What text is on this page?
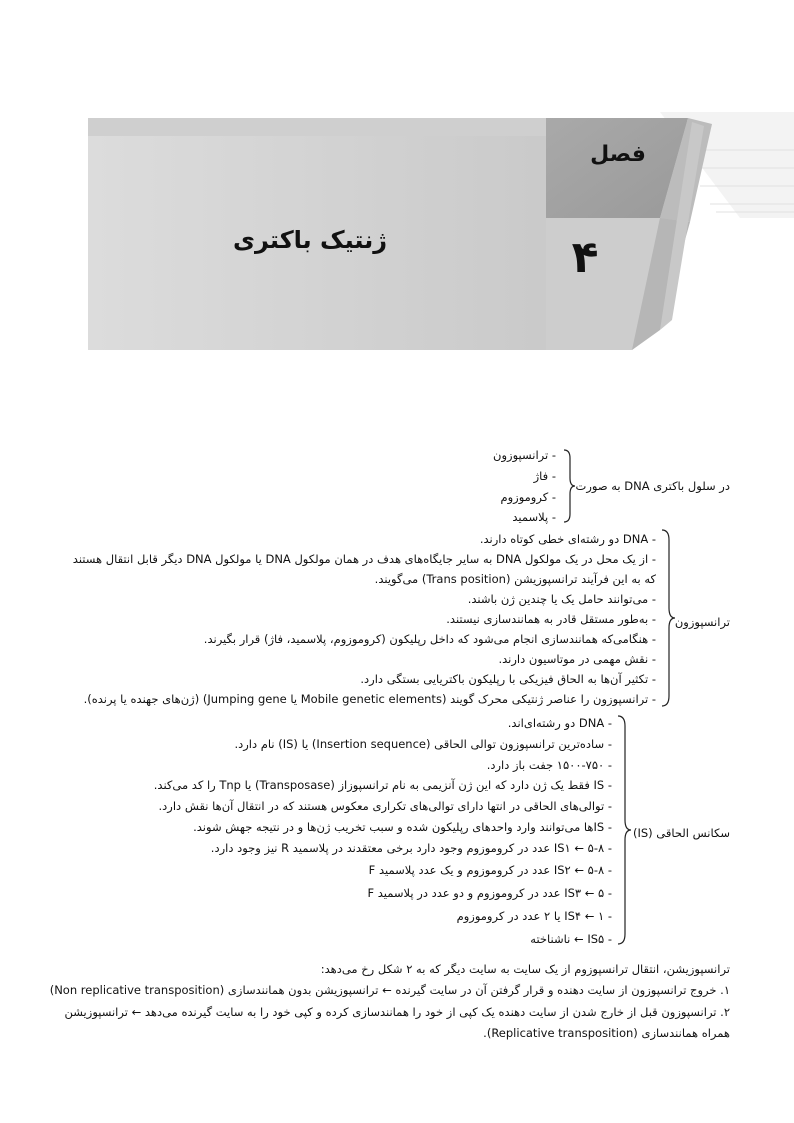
فصل
۴
ژنتیک باکتری
در سلول باکتری DNA به صورت
- ترانسپوزون
- فاژ
- کروموزوم
- پلاسمید
ترانسپوزون
- DNA دو رشته‌ای خطی کوتاه دارند.
- از یک محل در یک مولکول DNA به سایر جایگاه‌های هدف در همان مولکول DNA یا مولکول DNA دیگر قابل انتقال هستند
که به این فرآیند ترانسپوزیشن (Trans position) می‌گویند.
- می‌توانند حامل یک یا چندین ژن باشند.
- به‌طور مستقل قادر به همانندسازی نیستند.
- هنگامی‌که همانندسازی انجام می‌شود که داخل رپلیکون (کروموزوم، پلاسمید، فاژ) قرار بگیرند.
- نقش مهمی در موتاسیون دارند.
- تکثیر آن‌ها به الحاق فیزیکی با رپلیکون باکتریایی بستگی دارد.
- ترانسپوزون را عناصر ژنتیکی محرک گویند (Mobile genetic elements یا Jumping gene) (ژن‌های جهنده یا پرنده).
سکانس الحاقی (IS)
- DNA دو رشته‌ای‌اند.
- ساده‌ترین ترانسپوزون توالی الحاقی (Insertion sequence) یا (IS) نام دارد.
- ۱۵۰۰-۷۵۰ جفت باز دارد.
- IS فقط یک ژن دارد که این ژن آنزیمی به نام ترانسپوزاز (Transposase) یا Tnp را کد می‌کند.
- توالی‌های الحاقی در انتها دارای توالی‌های تکراری معکوس هستند که در انتقال آن‌ها نقش دارد.
- ISها می‌توانند وارد واحدهای رپلیکون شده و سبب تخریب ژن‌ها و در نتیجه جهش شوند.
- IS۱ ← ۵-۸ عدد در کروموزوم وجود دارد برخی معتقدند در پلاسمید R نیز وجود دارد.
- IS۲ ← ۵-۸ عدد در کروموزوم و یک عدد پلاسمید F
- IS۳ ← ۵ عدد در کروموزوم و دو عدد در پلاسمید F
- IS۴ ← ۱ یا ۲ عدد در کروموزوم
- IS۵ ← ناشناخته
ترانسپوزیشن، انتقال ترانسپوزوم از یک سایت به سایت دیگر که به ۲ شکل رخ می‌دهد:
۱. خروج ترانسپوزون از سایت دهنده و قرار گرفتن آن در سایت گیرنده ← ترانسپوزیشن بدون همانندسازی (Non replicative transposition)
۲. ترانسپوزون قبل از خارج شدن از سایت دهنده یک کپی از خود را همانندسازی کرده و کپی خود را به سایت گیرنده می‌دهد ← ترانسپوزیشن
همراه همانندسازی (Replicative transposition).
